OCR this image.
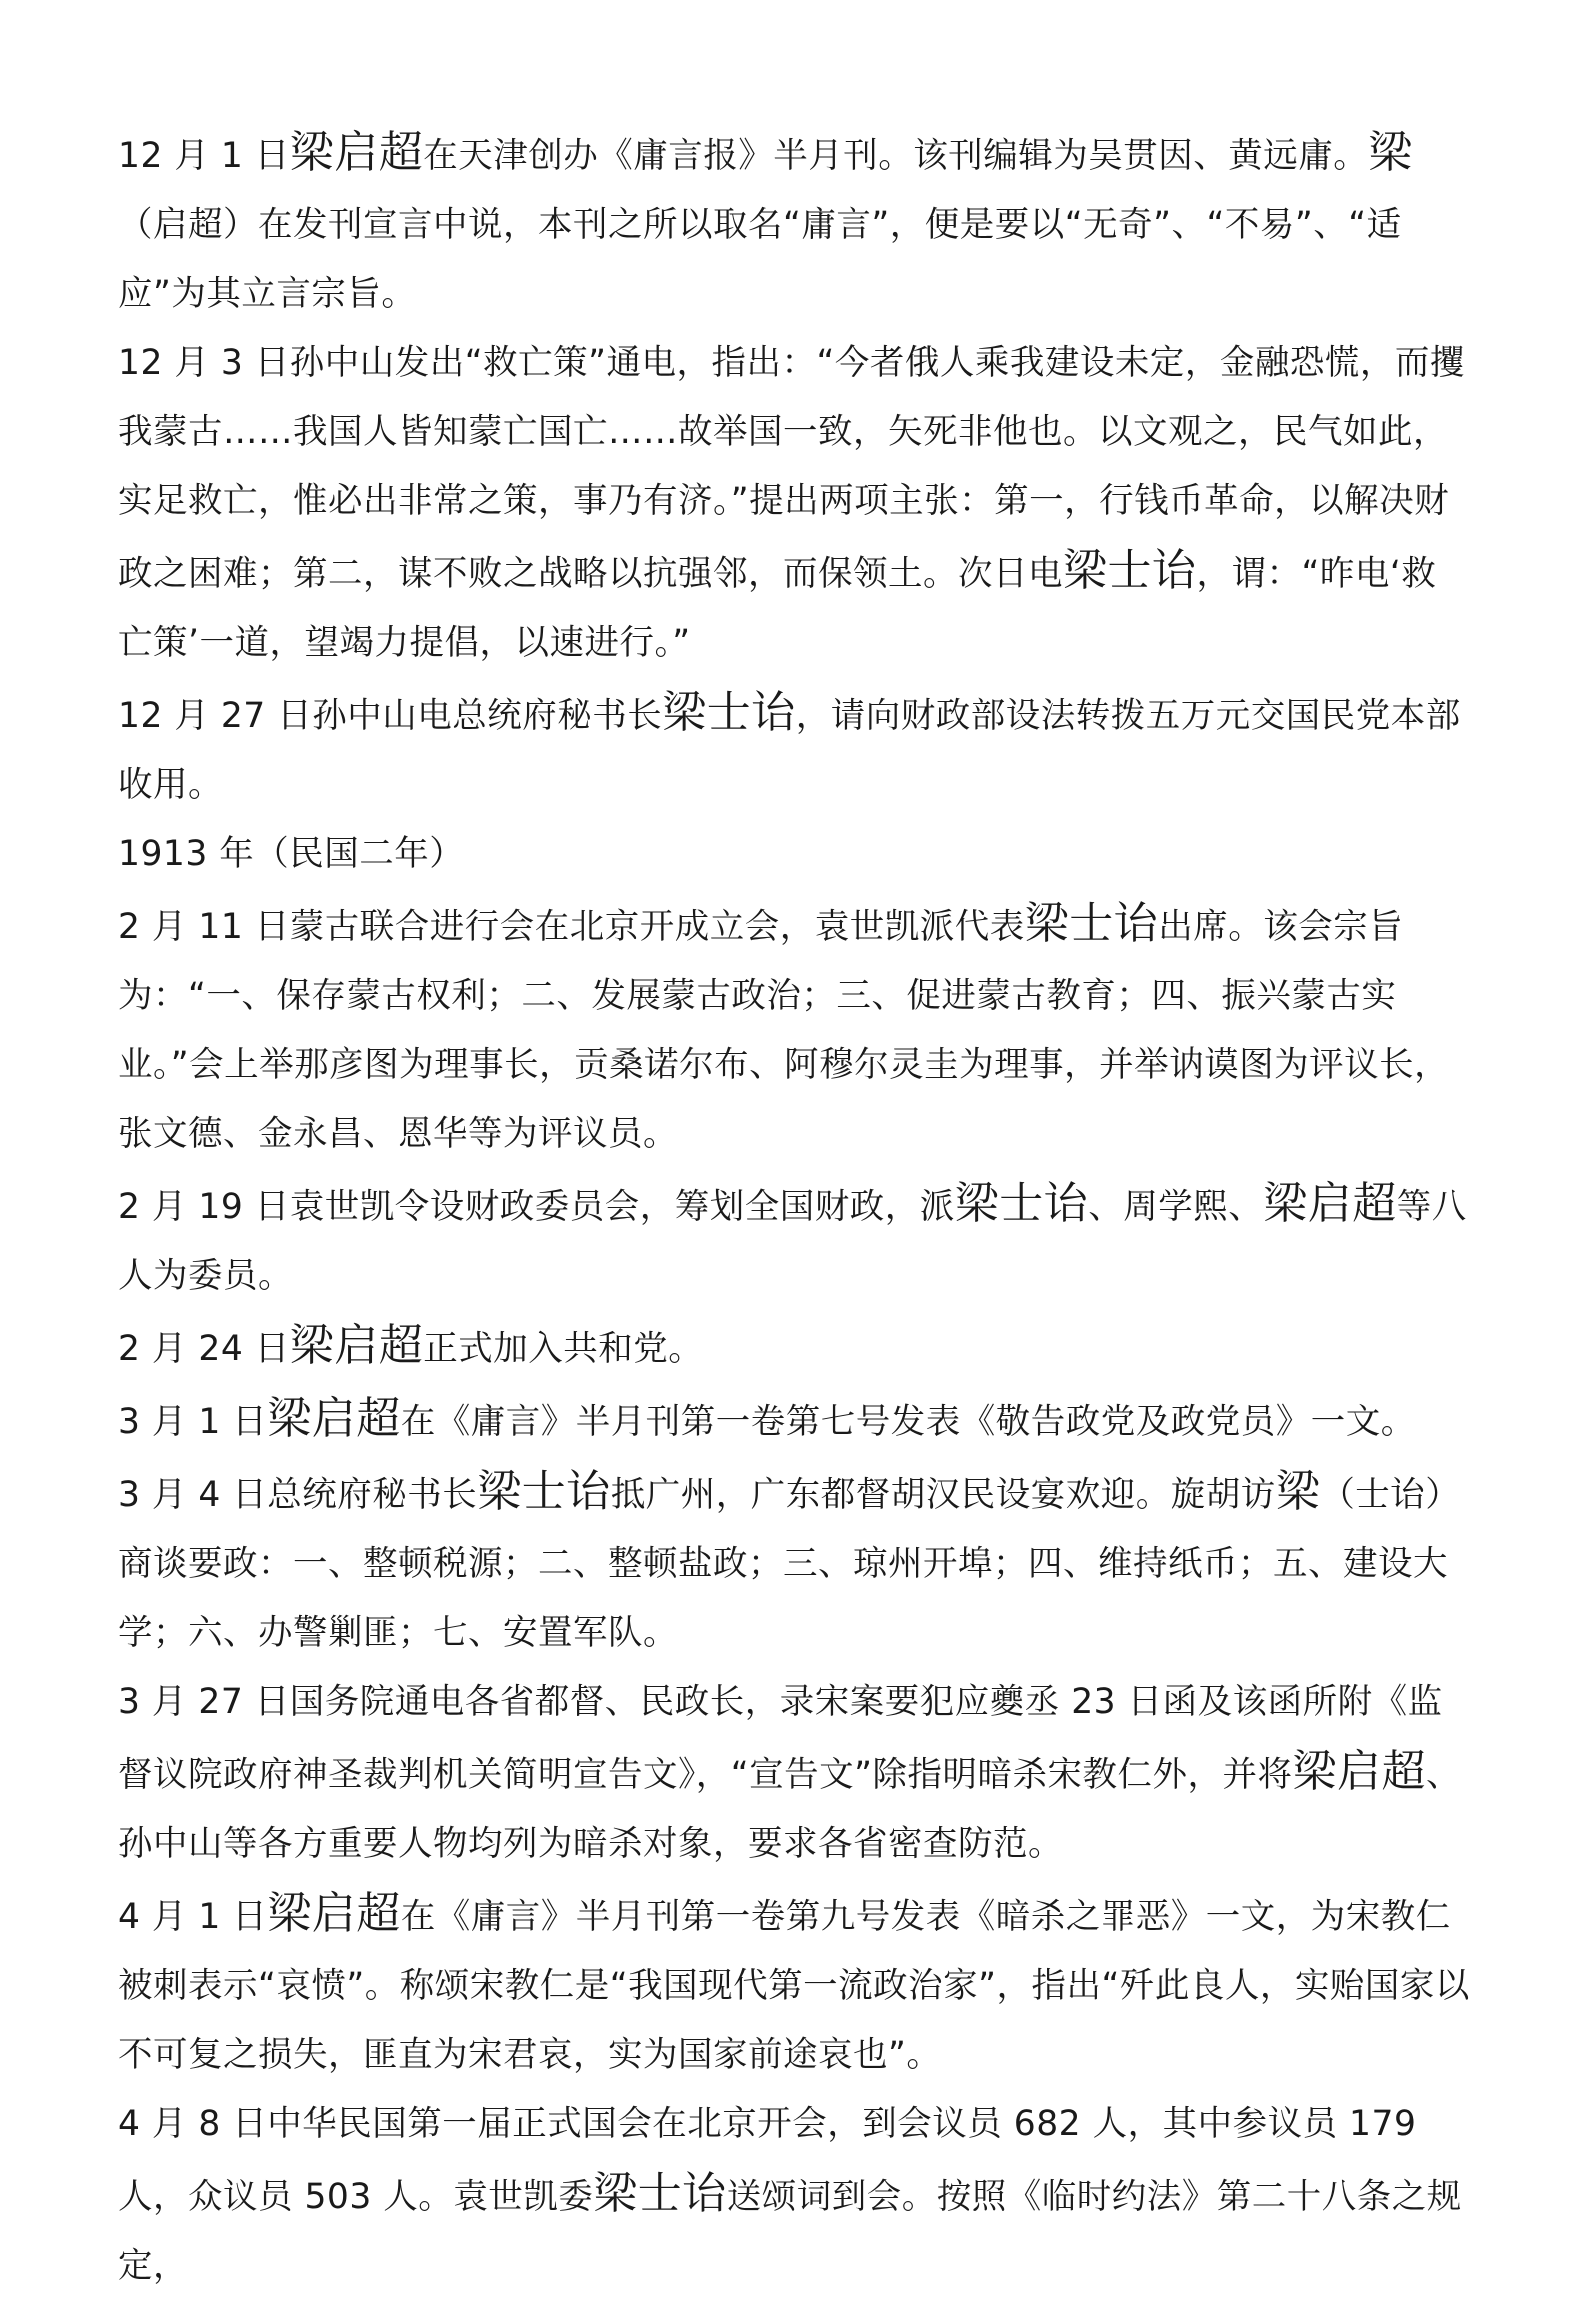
12 月 1 日梁启超在天津创办《庸言报》半月刊。该刊编辑为吴贯因、黄远庸。梁（启超）在发刊宣言中说，本刊之所以取名“庸言”，便是要以“无奇”、“不易”、“适应”为其立言宗旨。

12 月 3 日孙中山发出“救亡策”通电，指出：“今者俄人乘我建设未定，金融恐慌，而攫我蒙古……我国人皆知蒙亡国亡……故举国一致，矢死非他也。以文观之，民气如此，实足救亡，惟必出非常之策，事乃有济。”提出两项主张：第一，行钱币革命，以解决财政之困难；第二，谋不败之战略以抗强邻，而保领土。次日电梁士诒，谓：“昨电‘救亡策’一道，望竭力提倡，以速进行。”

12 月 27 日孙中山电总统府秘书长梁士诒，请向财政部设法转拨五万元交国民党本部收用。

1913 年（民国二年）

2 月 11 日蒙古联合进行会在北京开成立会，袁世凯派代表梁士诒出席。该会宗旨为：“一、保存蒙古权利；二、发展蒙古政治；三、促进蒙古教育；四、振兴蒙古实业。”会上举那彦图为理事长，贡桑诺尔布、阿穆尔灵圭为理事，并举讷谟图为评议长，张文德、金永昌、恩华等为评议员。

2 月 19 日袁世凯令设财政委员会，筹划全国财政，派梁士诒、周学熙、梁启超等八人为委员。

2 月 24 日梁启超正式加入共和党。

3 月 1 日梁启超在《庸言》半月刊第一卷第七号发表《敬告政党及政党员》一文。

3 月 4 日总统府秘书长梁士诒抵广州，广东都督胡汉民设宴欢迎。旋胡访梁（士诒）商谈要政：一、整顿税源；二、整顿盐政；三、琼州开埠；四、维持纸币；五、建设大学；六、办警剿匪；七、安置军队。

3 月 27 日国务院通电各省都督、民政长，录宋案要犯应夔丞 23 日函及该函所附《监督议院政府神圣裁判机关简明宣告文》，“宣告文”除指明暗杀宋教仁外，并将梁启超、孙中山等各方重要人物均列为暗杀对象，要求各省密查防范。

4 月 1 日梁启超在《庸言》半月刊第一卷第九号发表《暗杀之罪恶》一文，为宋教仁被刺表示“哀愤”。称颂宋教仁是“我国现代第一流政治家”，指出“歼此良人，实贻国家以不可复之损失，匪直为宋君哀，实为国家前途哀也”。

4 月 8 日中华民国第一届正式国会在北京开会，到会议员 682 人，其中参议员 179 人，众议员 503 人。袁世凯委梁士诒送颂词到会。按照《临时约法》第二十八条之规定，
